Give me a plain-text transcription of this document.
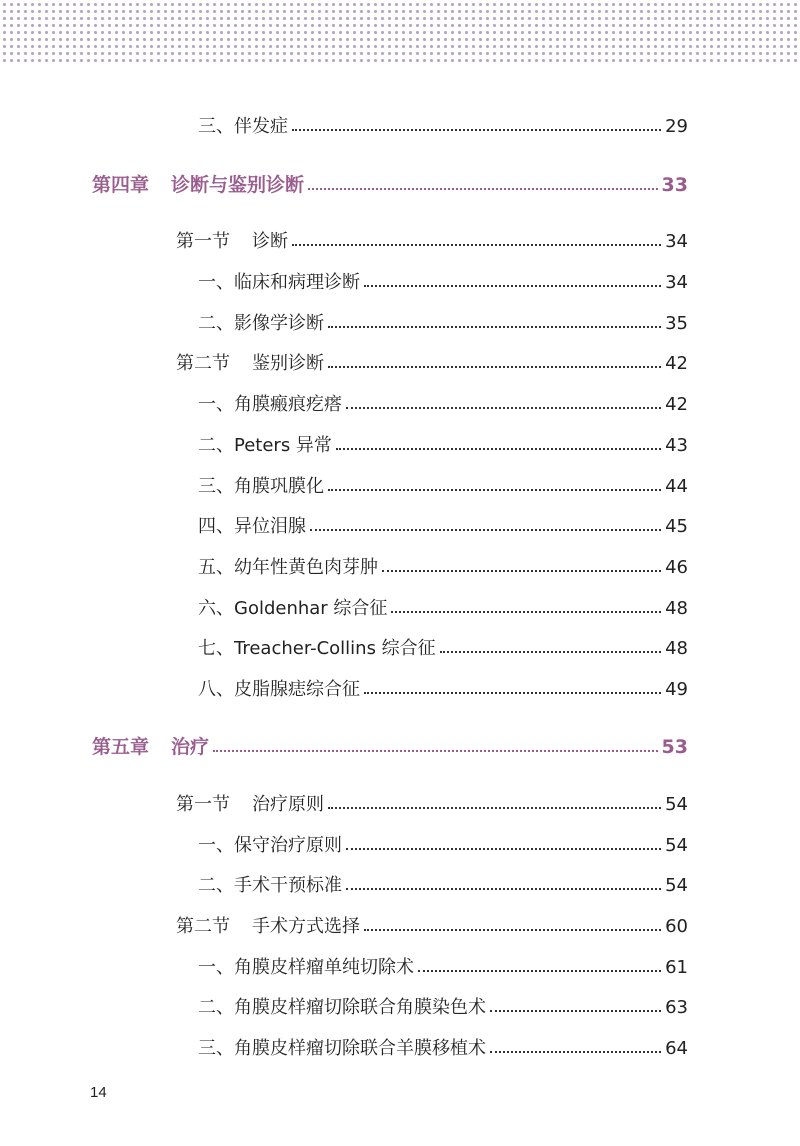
三、伴发症	29
第四章 诊断与鉴别诊断	33
第一节 诊断	34
一、临床和病理诊断	34
二、影像学诊断	35
第二节 鉴别诊断	42
一、角膜瘢痕疙瘩	42
二、Peters 异常	43
三、角膜巩膜化	44
四、异位泪腺	45
五、幼年性黄色肉芽肿	46
六、Goldenhar 综合征	48
七、Treacher-Collins 综合征	48
八、皮脂腺痣综合征	49
第五章 治疗	53
第一节 治疗原则	54
一、保守治疗原则	54
二、手术干预标准	54
第二节 手术方式选择	60
一、角膜皮样瘤单纯切除术	61
二、角膜皮样瘤切除联合角膜染色术	63
三、角膜皮样瘤切除联合羊膜移植术	64
14
